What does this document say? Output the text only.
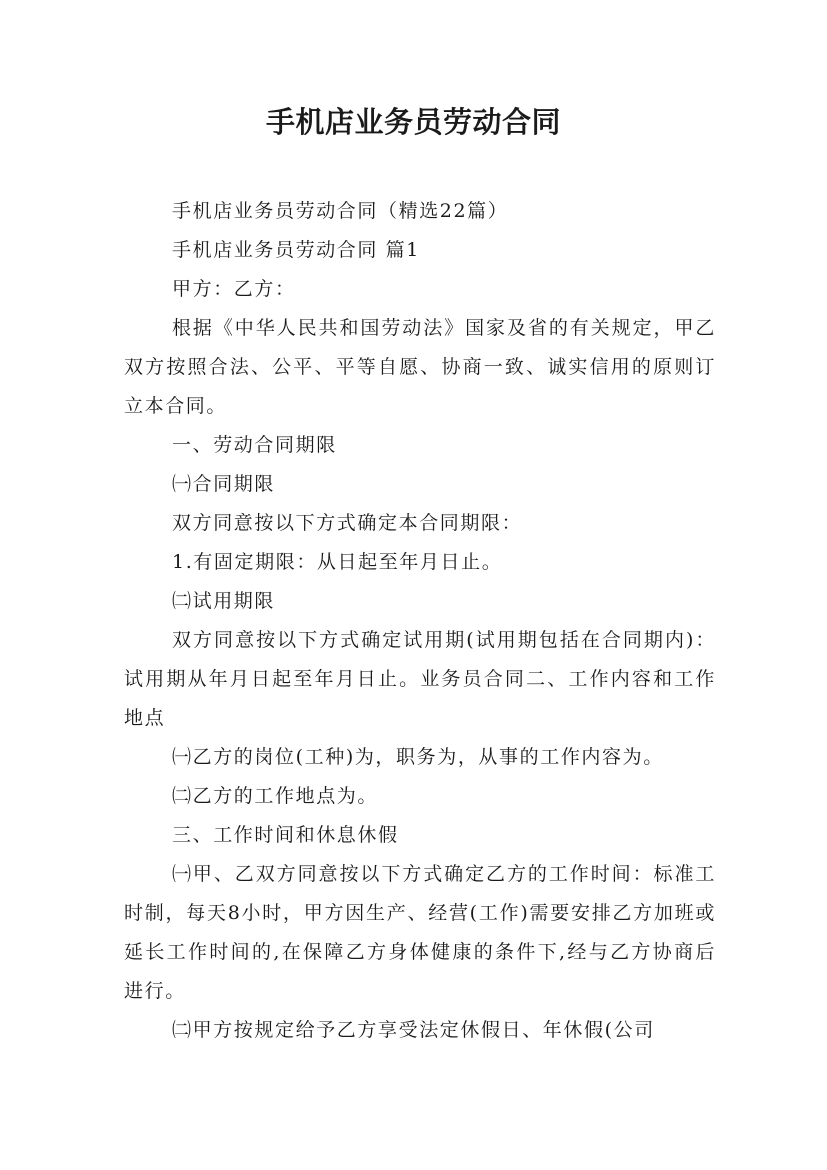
手机店业务员劳动合同

手机店业务员劳动合同（精选22篇）

手机店业务员劳动合同 篇1

甲方：乙方：

根据《中华人民共和国劳动法》国家及省的有关规定，甲乙双方按照合法、公平、平等自愿、协商一致、诚实信用的原则订立本合同。

一、劳动合同期限

㈠合同期限

双方同意按以下方式确定本合同期限：

1.有固定期限：从日起至年月日止。

㈡试用期限

双方同意按以下方式确定试用期(试用期包括在合同期内)：试用期从年月日起至年月日止。业务员合同二、工作内容和工作地点

㈠乙方的岗位(工种)为，职务为，从事的工作内容为。

㈡乙方的工作地点为。

三、工作时间和休息休假

㈠甲、乙双方同意按以下方式确定乙方的工作时间：标准工时制，每天8小时，甲方因生产、经营(工作)需要安排乙方加班或延长工作时间的,在保障乙方身体健康的条件下,经与乙方协商后进行。

㈡甲方按规定给予乙方享受法定休假日、年休假(公司
